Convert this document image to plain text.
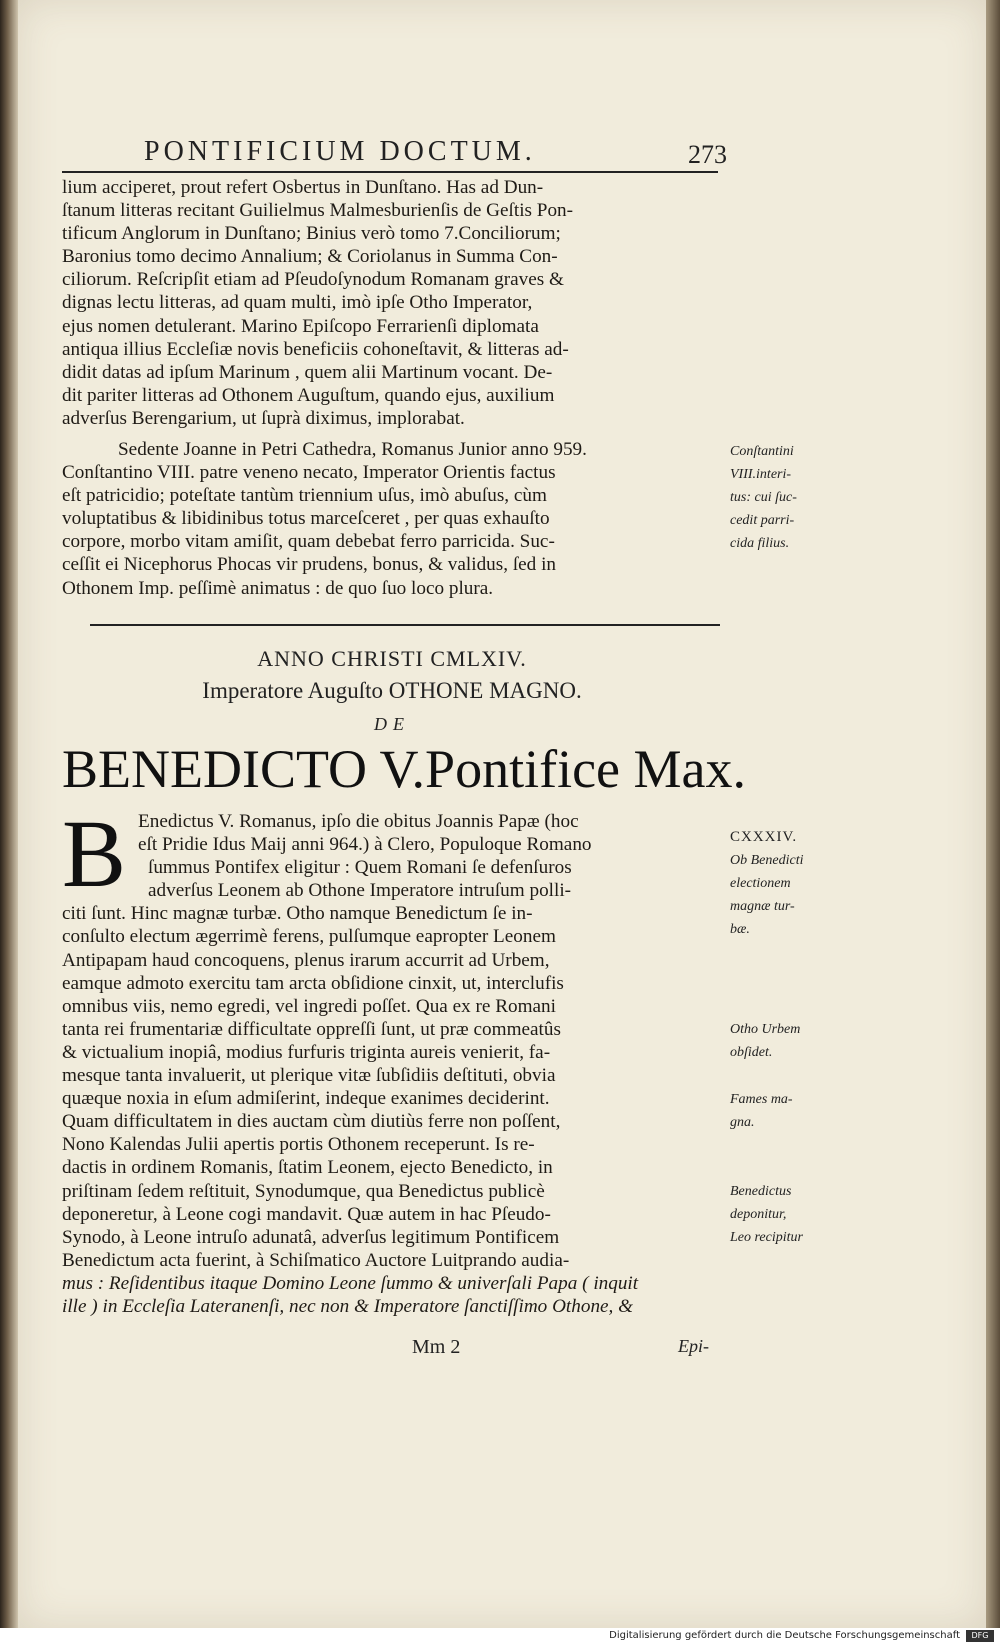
PONTIFICIUM DOCTUM.	273
lium acciperet, prout refert Osbertus in Dunſtano. Has ad Dun-
ſtanum litteras recitant Guilielmus Malmesburienſis de Geſtis Pon-
tificum Anglorum in Dunſtano; Binius verò tomo 7.Conciliorum;
Baronius tomo decimo Annalium; & Coriolanus in Summa Con-
ciliorum. Reſcripſit etiam ad Pſeudoſynodum Romanam graves &
dignas lectu litteras, ad quam multi, imò ipſe Otho Imperator,
ejus nomen detulerant. Marino Epiſcopo Ferrarienſi diplomata
antiqua illius Eccleſiæ novis beneficiis cohoneſtavit, & litteras ad-
didit datas ad ipſum Marinum , quem alii Martinum vocant. De-
dit pariter litteras ad Othonem Auguſtum, quando ejus, auxilium
adverſus Berengarium, ut ſuprà diximus, implorabat.
Sedente Joanne in Petri Cathedra, Romanus Junior anno 959.
Conſtantino VIII. patre veneno necato, Imperator Orientis factus
eſt patricidio; poteſtate tantùm triennium uſus, imò abuſus, cùm
voluptatibus & libidinibus totus marceſceret , per quas exhauſto
corpore, morbo vitam amiſit, quam debebat ferro parricida. Suc-
ceſſit ei Nicephorus Phocas vir prudens, bonus, & validus, ſed in
Othonem Imp. peſſimè animatus : de quo ſuo loco plura.
Conſtantini
VIII.interi-
tus: cui ſuc-
cedit parri-
cida filius.
ANNO CHRISTI CMLXIV.
Imperatore Auguſto OTHONE MAGNO.
DE
BENEDICTO V.Pontifice Max.
B Enedictus V. Romanus, ipſo die obitus Joannis Papæ (hoc
eſt Pridie Idus Maij anni 964.) à Clero, Populoque Romano
ſummus Pontifex eligitur : Quem Romani ſe defenſuros
adverſus Leonem ab Othone Imperatore intruſum polli-
citi ſunt. Hinc magnæ turbæ. Otho namque Benedictum ſe in-
conſulto electum ægerrimè ferens, pulſumque eapropter Leonem
Antipapam haud concoquens, plenus irarum accurrit ad Urbem,
eamque admoto exercitu tam arcta obſidione cinxit, ut, interclufis
omnibus viis, nemo egredi, vel ingredi poſſet. Qua ex re Romani
tanta rei frumentariæ difficultate oppreſſi ſunt, ut præ commeatûs
& victualium inopiâ, modius furfuris triginta aureis venierit, fa-
mesque tanta invaluerit, ut plerique vitæ ſubſidiis deſtituti, obvia
quæque noxia in eſum admiſerint, indeque exanimes deciderint.
Quam difficultatem in dies auctam cùm diutiùs ferre non poſſent,
Nono Kalendas Julii apertis portis Othonem receperunt. Is re-
dactis in ordinem Romanis, ſtatim Leonem, ejecto Benedicto, in
priſtinam ſedem reſtituit, Synodumque, qua Benedictus publicè
deponeretur, à Leone cogi mandavit. Quæ autem in hac Pſeudo-
Synodo, à Leone intruſo adunatâ, adverſus legitimum Pontificem
Benedictum acta fuerint, à Schiſmatico Auctore Luitprando audia-
mus : Reſidentibus itaque Domino Leone ſummo & univerſali Papa ( inquit
ille ) in Eccleſia Lateranenſi, nec non & Imperatore ſanctiſſimo Othone, &
CXXXIV.
Ob Benedicti
electionem
magnæ tur-
bæ.
Otho Urbem
obſidet.
Fames ma-
gna.
Benedictus
deponitur,
Leo recipitur
Mm 2	Epi-
Digitalisierung gefördert durch die Deutsche Forschungsgemeinschaft	DFG
